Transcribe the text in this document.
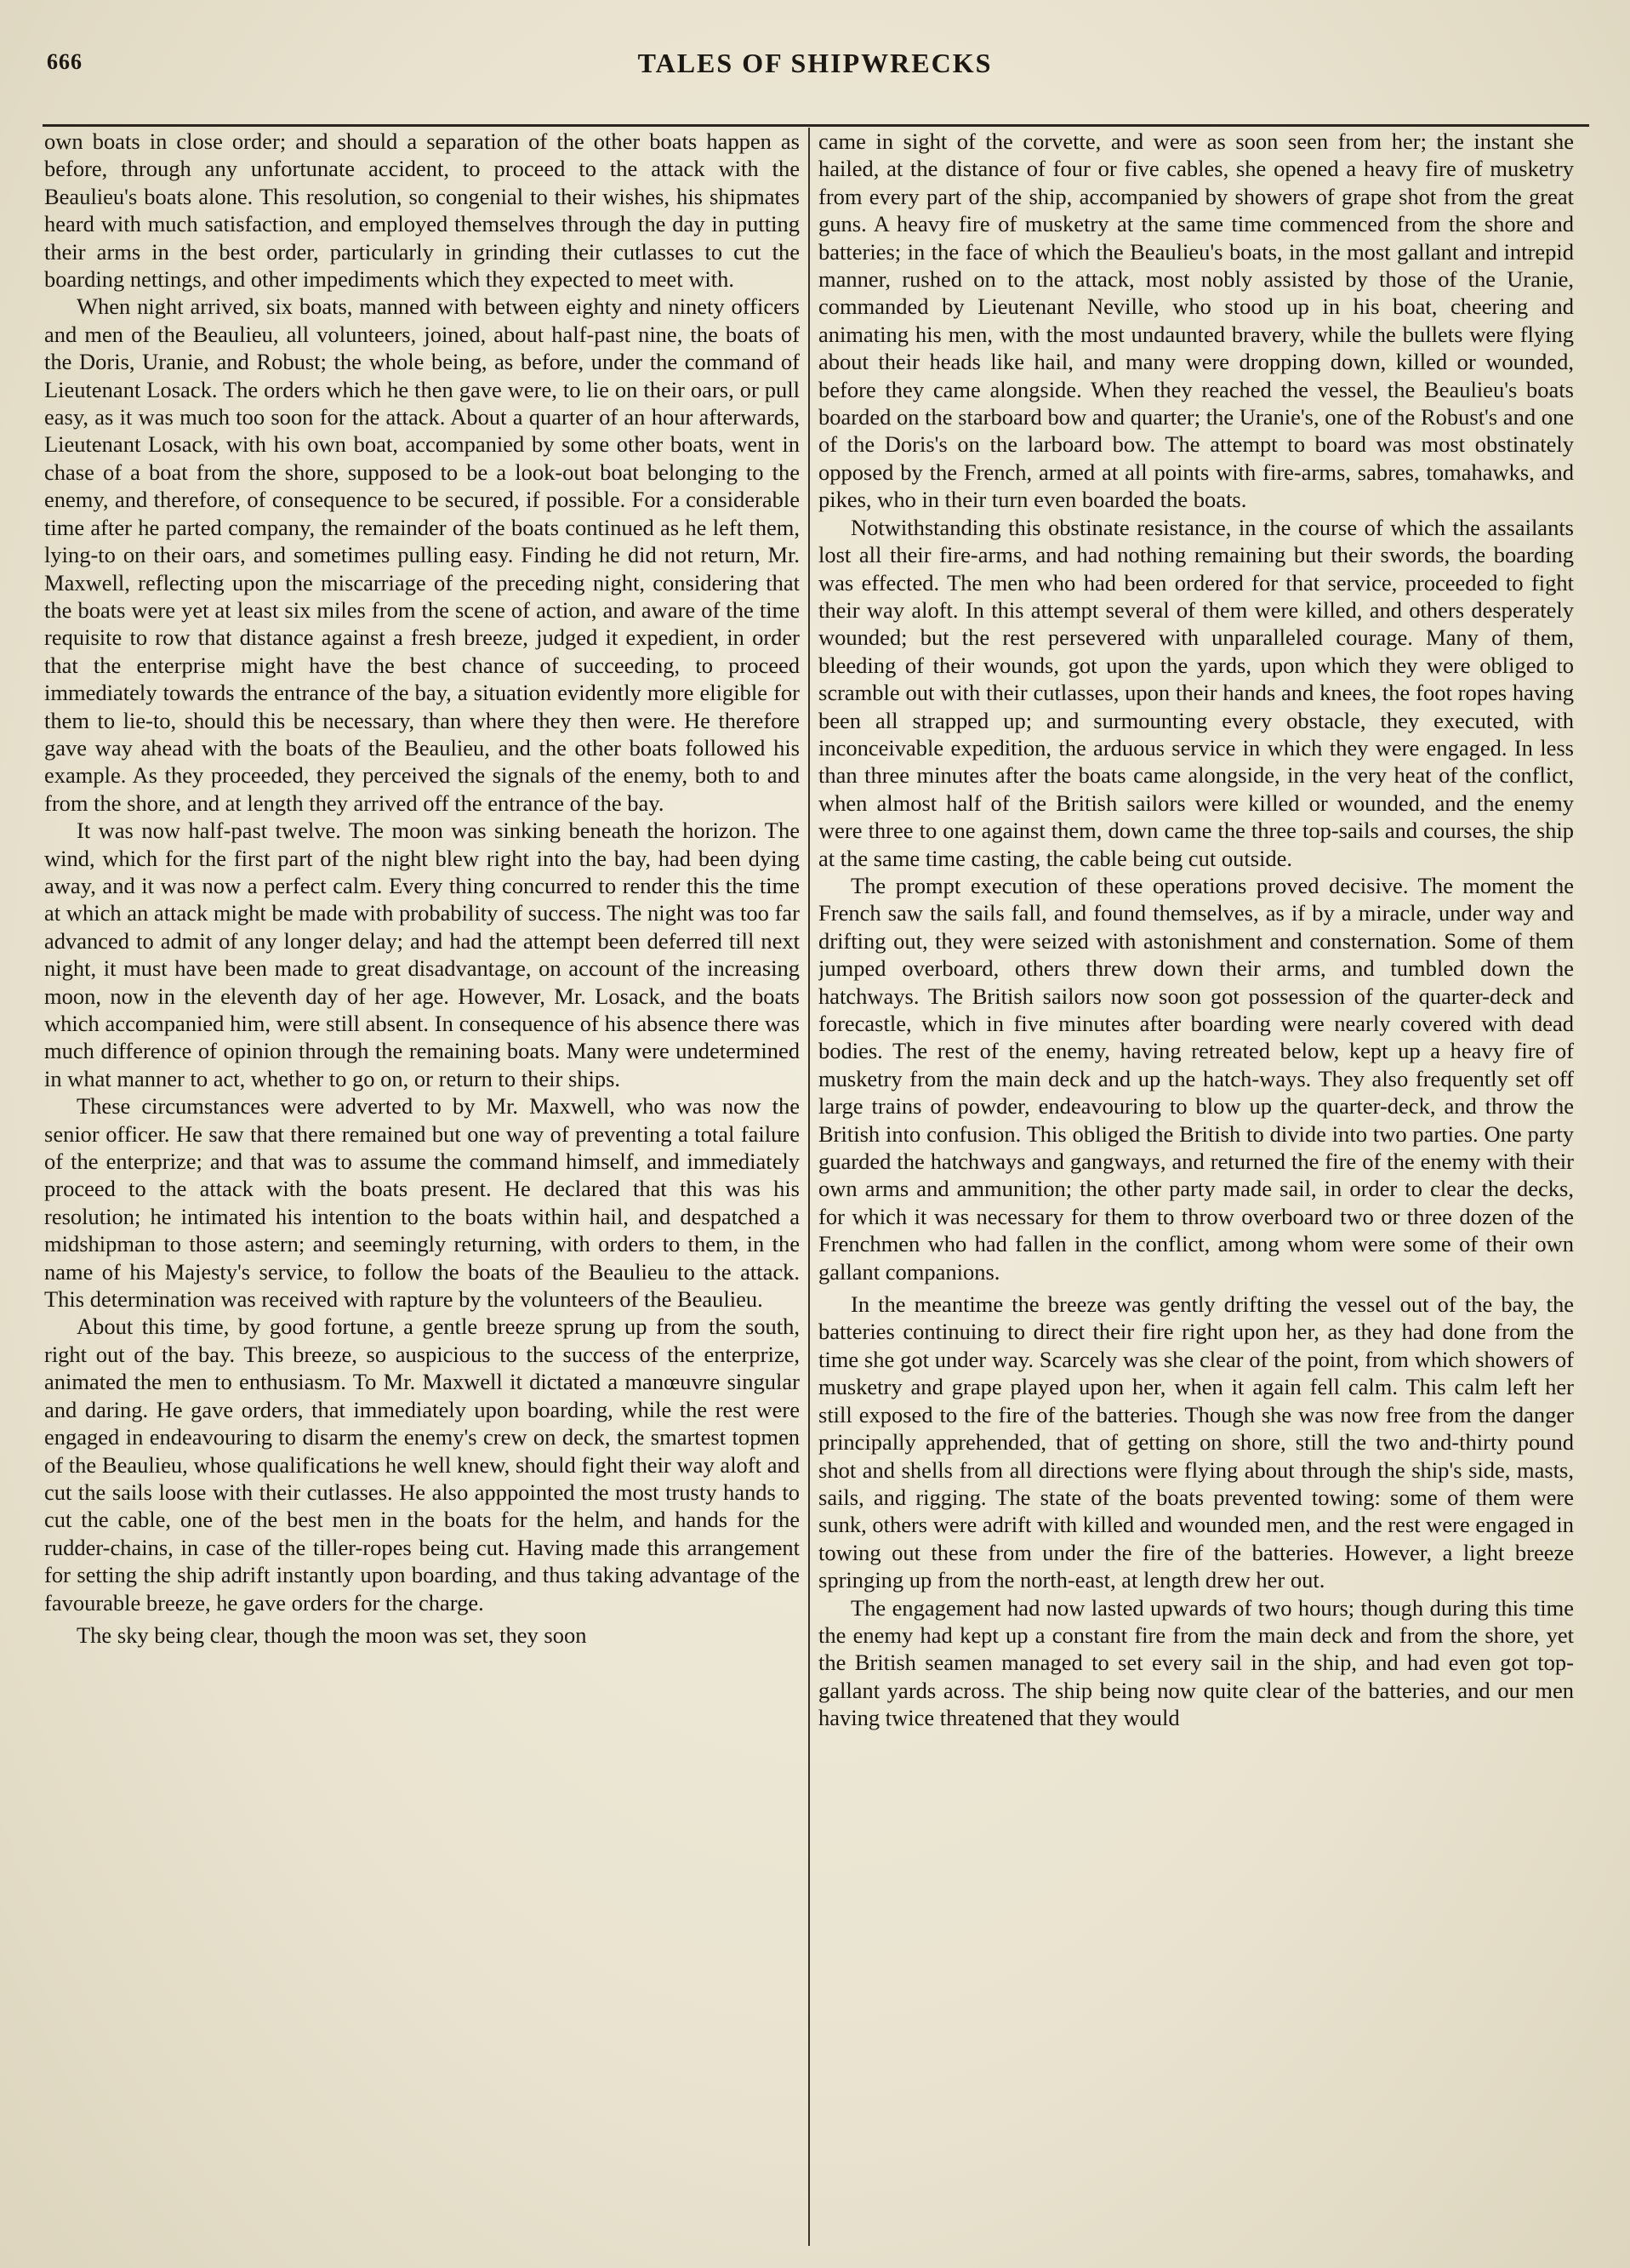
666	TALES OF SHIPWRECKS

own boats in close order; and should a separation of the other boats happen as before, through any unfortunate accident, to proceed to the attack with the Beaulieu's boats alone. This resolution, so congenial to their wishes, his shipmates heard with much satisfaction, and employed themselves through the day in putting their arms in the best order, particularly in grinding their cutlasses to cut the boarding nettings, and other impediments which they expected to meet with.

When night arrived, six boats, manned with between eighty and ninety officers and men of the Beaulieu, all volunteers, joined, about half-past nine, the boats of the Doris, Uranie, and Robust; the whole being, as before, under the command of Lieutenant Losack. The orders which he then gave were, to lie on their oars, or pull easy, as it was much too soon for the attack. About a quarter of an hour afterwards, Lieutenant Losack, with his own boat, accompanied by some other boats, went in chase of a boat from the shore, supposed to be a look-out boat belonging to the enemy, and therefore, of consequence to be secured, if possible. For a considerable time after he parted company, the remainder of the boats continued as he left them, lying-to on their oars, and sometimes pulling easy. Finding he did not return, Mr. Maxwell, reflecting upon the miscarriage of the preceding night, considering that the boats were yet at least six miles from the scene of action, and aware of the time requisite to row that distance against a fresh breeze, judged it expedient, in order that the enterprise might have the best chance of succeeding, to proceed immediately towards the entrance of the bay, a situation evidently more eligible for them to lie-to, should this be necessary, than where they then were. He therefore gave way ahead with the boats of the Beaulieu, and the other boats followed his example. As they proceeded, they perceived the signals of the enemy, both to and from the shore, and at length they arrived off the entrance of the bay.

It was now half-past twelve. The moon was sinking beneath the horizon. The wind, which for the first part of the night blew right into the bay, had been dying away, and it was now a perfect calm. Every thing concurred to render this the time at which an attack might be made with probability of success. The night was too far advanced to admit of any longer delay; and had the attempt been deferred till next night, it must have been made to great disadvantage, on account of the increasing moon, now in the eleventh day of her age. However, Mr. Losack, and the boats which accompanied him, were still absent. In consequence of his absence there was much difference of opinion through the remaining boats. Many were undetermined in what manner to act, whether to go on, or return to their ships.

These circumstances were adverted to by Mr. Maxwell, who was now the senior officer. He saw that there remained but one way of preventing a total failure of the enterprize; and that was to assume the command himself, and immediately proceed to the attack with the boats present. He declared that this was his resolution; he intimated his intention to the boats within hail, and despatched a midshipman to those astern; and seemingly returning, with orders to them, in the name of his Majesty's service, to follow the boats of the Beaulieu to the attack. This determination was received with rapture by the volunteers of the Beaulieu.

About this time, by good fortune, a gentle breeze sprung up from the south, right out of the bay. This breeze, so auspicious to the success of the enterprize, animated the men to enthusiasm. To Mr. Maxwell it dictated a manœuvre singular and daring. He gave orders, that immediately upon boarding, while the rest were engaged in endeavouring to disarm the enemy's crew on deck, the smartest topmen of the Beaulieu, whose qualifications he well knew, should fight their way aloft and cut the sails loose with their cutlasses. He also apppointed the most trusty hands to cut the cable, one of the best men in the boats for the helm, and hands for the rudder-chains, in case of the tiller-ropes being cut. Having made this arrangement for setting the ship adrift instantly upon boarding, and thus taking advantage of the favourable breeze, he gave orders for the charge.

The sky being clear, though the moon was set, they soon

came in sight of the corvette, and were as soon seen from her; the instant she hailed, at the distance of four or five cables, she opened a heavy fire of musketry from every part of the ship, accompanied by showers of grape shot from the great guns. A heavy fire of musketry at the same time commenced from the shore and batteries; in the face of which the Beaulieu's boats, in the most gallant and intrepid manner, rushed on to the attack, most nobly assisted by those of the Uranie, commanded by Lieutenant Neville, who stood up in his boat, cheering and animating his men, with the most undaunted bravery, while the bullets were flying about their heads like hail, and many were dropping down, killed or wounded, before they came alongside. When they reached the vessel, the Beaulieu's boats boarded on the starboard bow and quarter; the Uranie's, one of the Robust's and one of the Doris's on the larboard bow. The attempt to board was most obstinately opposed by the French, armed at all points with fire-arms, sabres, tomahawks, and pikes, who in their turn even boarded the boats.

Notwithstanding this obstinate resistance, in the course of which the assailants lost all their fire-arms, and had nothing remaining but their swords, the boarding was effected. The men who had been ordered for that service, proceeded to fight their way aloft. In this attempt several of them were killed, and others desperately wounded; but the rest persevered with unparalleled courage. Many of them, bleeding of their wounds, got upon the yards, upon which they were obliged to scramble out with their cutlasses, upon their hands and knees, the foot ropes having been all strapped up; and surmounting every obstacle, they executed, with inconceivable expedition, the arduous service in which they were engaged. In less than three minutes after the boats came alongside, in the very heat of the conflict, when almost half of the British sailors were killed or wounded, and the enemy were three to one against them, down came the three top-sails and courses, the ship at the same time casting, the cable being cut outside.

The prompt execution of these operations proved decisive. The moment the French saw the sails fall, and found themselves, as if by a miracle, under way and drifting out, they were seized with astonishment and consternation. Some of them jumped overboard, others threw down their arms, and tumbled down the hatchways. The British sailors now soon got possession of the quarter-deck and forecastle, which in five minutes after boarding were nearly covered with dead bodies. The rest of the enemy, having retreated below, kept up a heavy fire of musketry from the main deck and up the hatch-ways. They also frequently set off large trains of powder, endeavouring to blow up the quarter-deck, and throw the British into confusion. This obliged the British to divide into two parties. One party guarded the hatchways and gangways, and returned the fire of the enemy with their own arms and ammunition; the other party made sail, in order to clear the decks, for which it was necessary for them to throw overboard two or three dozen of the Frenchmen who had fallen in the conflict, among whom were some of their own gallant companions.

In the meantime the breeze was gently drifting the vessel out of the bay, the batteries continuing to direct their fire right upon her, as they had done from the time she got under way. Scarcely was she clear of the point, from which showers of musketry and grape played upon her, when it again fell calm. This calm left her still exposed to the fire of the batteries. Though she was now free from the danger principally apprehended, that of getting on shore, still the two and-thirty pound shot and shells from all directions were flying about through the ship's side, masts, sails, and rigging. The state of the boats prevented towing: some of them were sunk, others were adrift with killed and wounded men, and the rest were engaged in towing out these from under the fire of the batteries. However, a light breeze springing up from the north-east, at length drew her out.

The engagement had now lasted upwards of two hours; though during this time the enemy had kept up a constant fire from the main deck and from the shore, yet the British seamen managed to set every sail in the ship, and had even got top-gallant yards across. The ship being now quite clear of the batteries, and our men having twice threatened that they would
